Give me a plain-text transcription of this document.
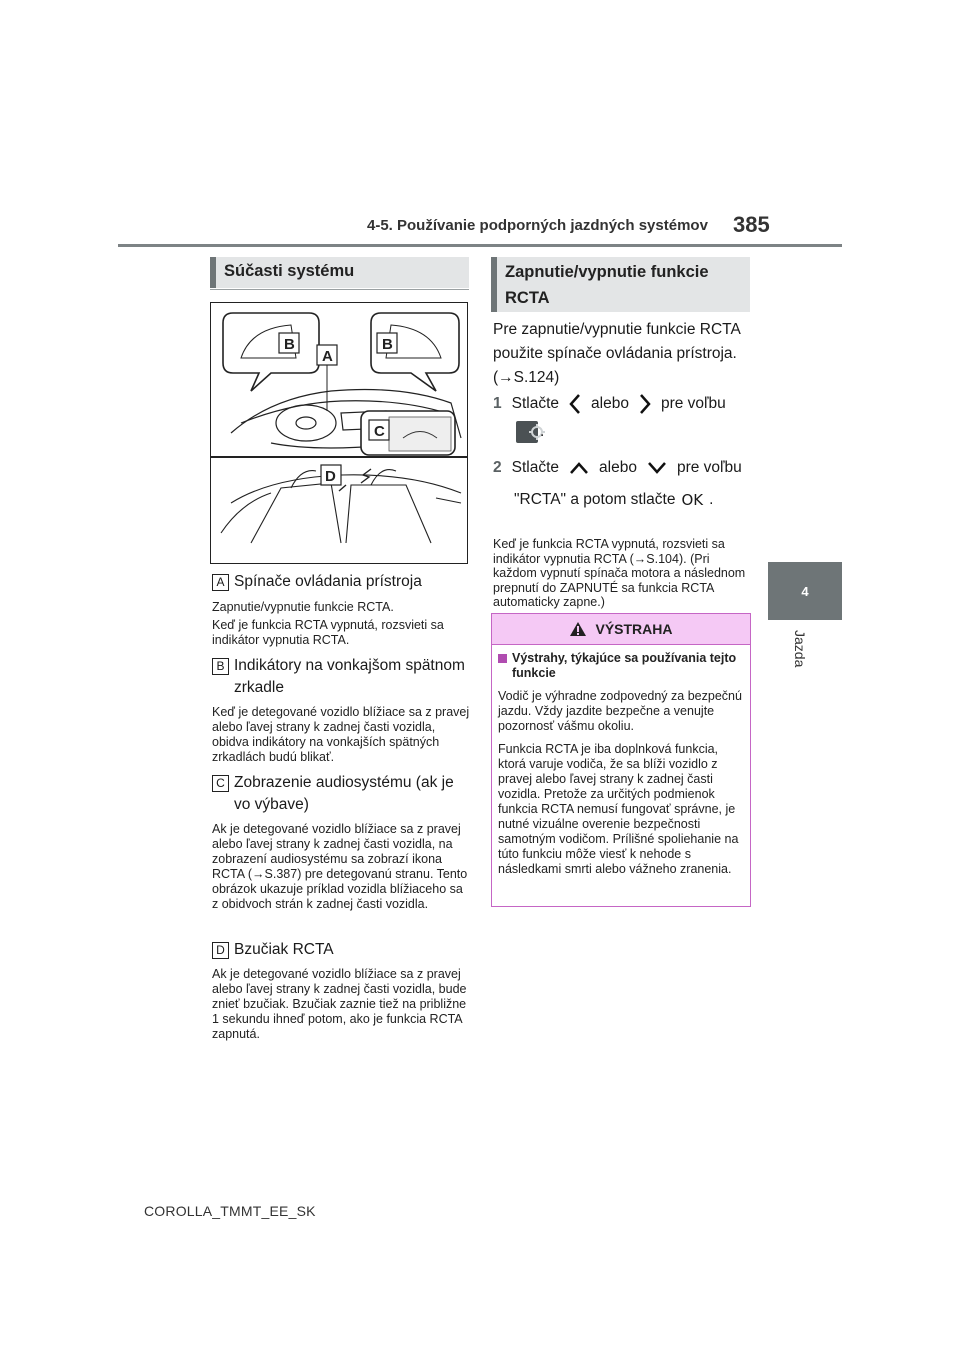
4-5. Používanie podporných jazdných systémov 385
4
Jazda
Súčasti systému
B
A
B
C
D
A Spínače ovládania prístroja
Zapnutie/vypnutie funkcie RCTA.
Keď je funkcia RCTA vypnutá, rozsvieti sa indikátor vypnutia RCTA.
B Indikátory na vonkajšom spätnom zrkadle
Keď je detegované vozidlo blížiace sa z pravej alebo ľavej strany k zadnej časti vozidla, obidva indikátory na vonkajších spätných zrkadlách budú blikať.
C Zobrazenie audiosystému (ak je vo výbave)
Ak je detegované vozidlo blížiace sa z pravej alebo ľavej strany k zadnej časti vozidla, na zobrazení audiosystému sa zobrazí ikona RCTA (→S.387) pre detegovanú stranu. Tento obrázok ukazuje príklad vozidla blížiaceho sa z obidvoch strán k zadnej časti vozidla.
D Bzučiak RCTA
Ak je detegované vozidlo blížiace sa z pravej alebo ľavej strany k zadnej časti vozidla, bude znieť bzučiak. Bzučiak zaznie tiež na približne 1 sekundu ihneď potom, ako je funkcia RCTA zapnutá.
Zapnutie/vypnutie funkcie
RCTA
Pre zapnutie/vypnutie funkcie RCTA použite spínače ovládania prístroja. (→S.124)
1 Stlačte alebo pre voľbu
.
2 Stlačte	alebo	pre voľbu
"RCTA" a potom stlačte OK .
Keď je funkcia RCTA vypnutá, rozsvieti sa indikátor vypnutia RCTA (→S.104). (Pri každom vypnutí spínača motora a následnom prepnutí do ZAPNUTÉ sa funkcia RCTA automaticky zapne.)
VÝSTRAHA
Výstrahy, týkajúce sa používania tejto funkcie
Vodič je výhradne zodpovedný za bezpečnú jazdu. Vždy jazdite bezpečne a venujte pozornosť vášmu okoliu.
Funkcia RCTA je iba doplnková funkcia, ktorá varuje vodiča, že sa blíži vozidlo z pravej alebo ľavej strany k zadnej časti vozidla. Pretože za určitých podmienok funkcia RCTA nemusí fungovať správne, je nutné vizuálne overenie bezpečnosti samotným vodičom. Prílišné spoliehanie na túto funkciu môže viesť k nehode s následkami smrti alebo vážneho zranenia.
COROLLA_TMMT_EE_SK
